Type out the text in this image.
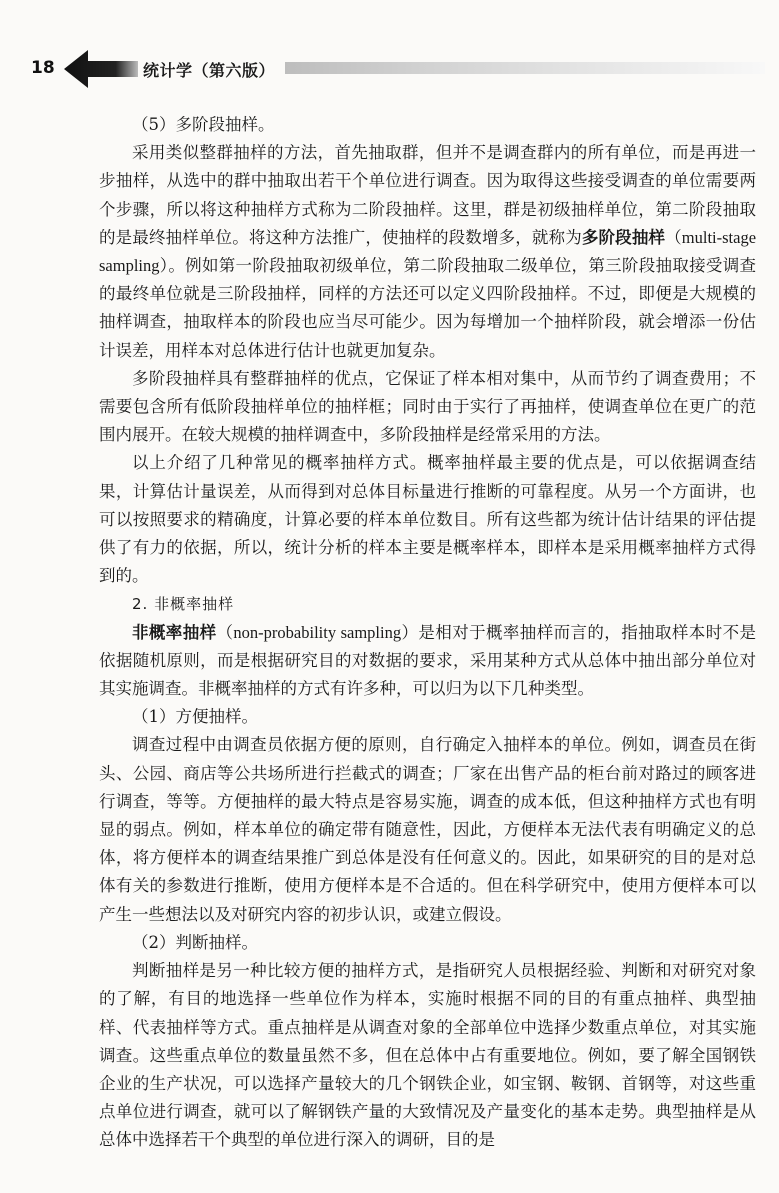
18	统计学（第六版）

（5）多阶段抽样。

采用类似整群抽样的方法，首先抽取群，但并不是调查群内的所有单位，而是再进一步抽样，从选中的群中抽取出若干个单位进行调查。因为取得这些接受调查的单位需要两个步骤，所以将这种抽样方式称为二阶段抽样。这里，群是初级抽样单位，第二阶段抽取的是最终抽样单位。将这种方法推广，使抽样的段数增多，就称为多阶段抽样（multi-stage sampling）。例如第一阶段抽取初级单位，第二阶段抽取二级单位，第三阶段抽取接受调查的最终单位就是三阶段抽样，同样的方法还可以定义四阶段抽样。不过，即便是大规模的抽样调查，抽取样本的阶段也应当尽可能少。因为每增加一个抽样阶段，就会增添一份估计误差，用样本对总体进行估计也就更加复杂。

多阶段抽样具有整群抽样的优点，它保证了样本相对集中，从而节约了调查费用；不需要包含所有低阶段抽样单位的抽样框；同时由于实行了再抽样，使调查单位在更广的范围内展开。在较大规模的抽样调查中，多阶段抽样是经常采用的方法。

以上介绍了几种常见的概率抽样方式。概率抽样最主要的优点是，可以依据调查结果，计算估计量误差，从而得到对总体目标量进行推断的可靠程度。从另一个方面讲，也可以按照要求的精确度，计算必要的样本单位数目。所有这些都为统计估计结果的评估提供了有力的依据，所以，统计分析的样本主要是概率样本，即样本是采用概率抽样方式得到的。

2. 非概率抽样

非概率抽样（non-probability sampling）是相对于概率抽样而言的，指抽取样本时不是依据随机原则，而是根据研究目的对数据的要求，采用某种方式从总体中抽出部分单位对其实施调查。非概率抽样的方式有许多种，可以归为以下几种类型。

（1）方便抽样。

调查过程中由调查员依据方便的原则，自行确定入抽样本的单位。例如，调查员在街头、公园、商店等公共场所进行拦截式的调查；厂家在出售产品的柜台前对路过的顾客进行调查，等等。方便抽样的最大特点是容易实施，调查的成本低，但这种抽样方式也有明显的弱点。例如，样本单位的确定带有随意性，因此，方便样本无法代表有明确定义的总体，将方便样本的调查结果推广到总体是没有任何意义的。因此，如果研究的目的是对总体有关的参数进行推断，使用方便样本是不合适的。但在科学研究中，使用方便样本可以产生一些想法以及对研究内容的初步认识，或建立假设。

（2）判断抽样。

判断抽样是另一种比较方便的抽样方式，是指研究人员根据经验、判断和对研究对象的了解，有目的地选择一些单位作为样本，实施时根据不同的目的有重点抽样、典型抽样、代表抽样等方式。重点抽样是从调查对象的全部单位中选择少数重点单位，对其实施调查。这些重点单位的数量虽然不多，但在总体中占有重要地位。例如，要了解全国钢铁企业的生产状况，可以选择产量较大的几个钢铁企业，如宝钢、鞍钢、首钢等，对这些重点单位进行调查，就可以了解钢铁产量的大致情况及产量变化的基本走势。典型抽样是从总体中选择若干个典型的单位进行深入的调研，目的是
